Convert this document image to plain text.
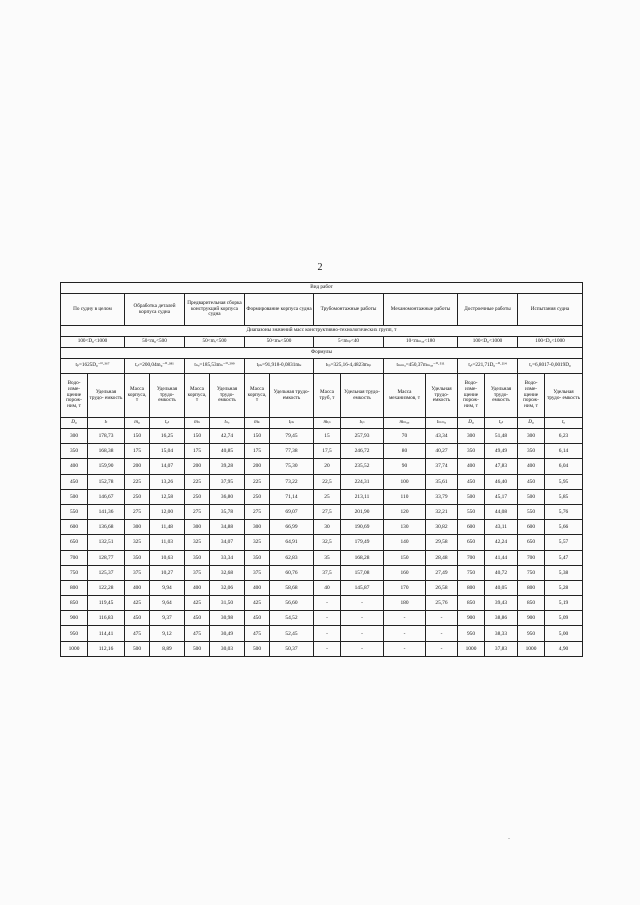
2
Вид работ															
По судну в целом		Обработка деталей корпуса судна		Предварительная сборка конструкций корпуса судна		Формирование корпуса судна		Трубомонтажные работы		Механомонтажные работы		Достроечные работы		Испытания судна	
Диапазоны значений масс конструктивно-технологических групп, т															
100<D₀<1000		50<m₀<500		50<mᵣ<500		50<mₖ<500		5<mₜₚ<40		10<mₘₐₓ<180		100<D₀<1000		100<D₀<1000	
Формулы															
tₚ=1625D₀⁻⁰·³⁶⁷		tₒₜ=200,04m₀⁻⁰·³⁸¹		tₙₑ=185,53mₙ⁻⁰·²⁹⁹		tₚₖ=91,918-0,0831mₖ		tₜₚ=325,16-4,4823mₜₚ		tₘₘₐ=450,37mₘₐₓ⁻⁰·⁵¹¹		tₐₜ=221,71D₀⁻⁰·²¹⁴		tₐ=6,8017-0,0019D₀	
Водо- изме- щение порож- ним, т	Удельная трудо- емкость	Масса корпуса, т	Удельная трудо- емкость	Масса корпуса, т	Удельная трудо- емкость	Масса корпуса, т	Удельная трудо- емкость	Масса труб, т	Удельная трудо- емкость	Масса механизмов, т	Удельная трудо- емкость	Водо- изме- щение порож- ним, т	Удельная трудо- емкость	Водо- изме- щение порож- ним, т	Удельная трудо- емкость
D₀	tₜ	m₀	tₒₜ	mₙ	tₙₑ	mₖ	tₚₖ	mₜₚ	tₜₚ	mₘₐₓ	tₘₘₐ	D₀	tₐₜ	D₀	tₐ
300	178,73	150	16,25	150	42,74	150	79,45	15	257,93	70	43,34	300	51,48	300	6,23
350	168,38	175	15,04	175	40,85	175	77,38	17,5	246,72	80	40,27	350	49,49	350	6,14
400	159,90	200	14,07	200	39,28	200	75,30	20	235,52	90	37,74	400	47,83	400	6,04
450	152,78	225	13,26	225	37,95	225	73,22	22,5	224,31	100	35,61	450	46,40	450	5,95
500	146,67	250	12,58	250	36,80	250	71,14	25	213,11	110	33,79	500	45,17	500	5,85
550	141,36	275	12,00	275	35,78	275	69,07	27,5	201,90	120	32,21	550	44,08	550	5,76
600	136,68	300	11,48	300	34,88	300	66,99	30	190,69	130	30,82	600	43,11	600	5,66
650	132,51	325	11,03	325	34,07	325	64,91	32,5	179,49	140	29,58	650	42,24	650	5,57
700	128,77	350	10,63	350	33,34	350	62,83	35	168,28	150	28,48	700	41,44	700	5,47
750	125,37	375	10,27	375	32,68	375	60,76	37,5	157,08	160	27,49	750	40,72	750	5,38
800	122,28	400	9,94	400	32,06	400	58,68	40	145,87	170	26,58	800	40,05	800	5,28
850	119,45	425	9,64	425	31,50	425	56,60	-	-	180	25,76	850	39,43	850	5,19
900	116,83	450	9,37	450	30,98	450	54,52	-	-	-	-	900	38,86	900	5,09
950	114,41	475	9,12	475	30,49	475	52,45	-	-	-	-	950	38,33	950	5,00
1000	112,16	500	8,89	500	30,03	500	50,37	-	-	-	-	1000	37,83	1000	4,90
-
